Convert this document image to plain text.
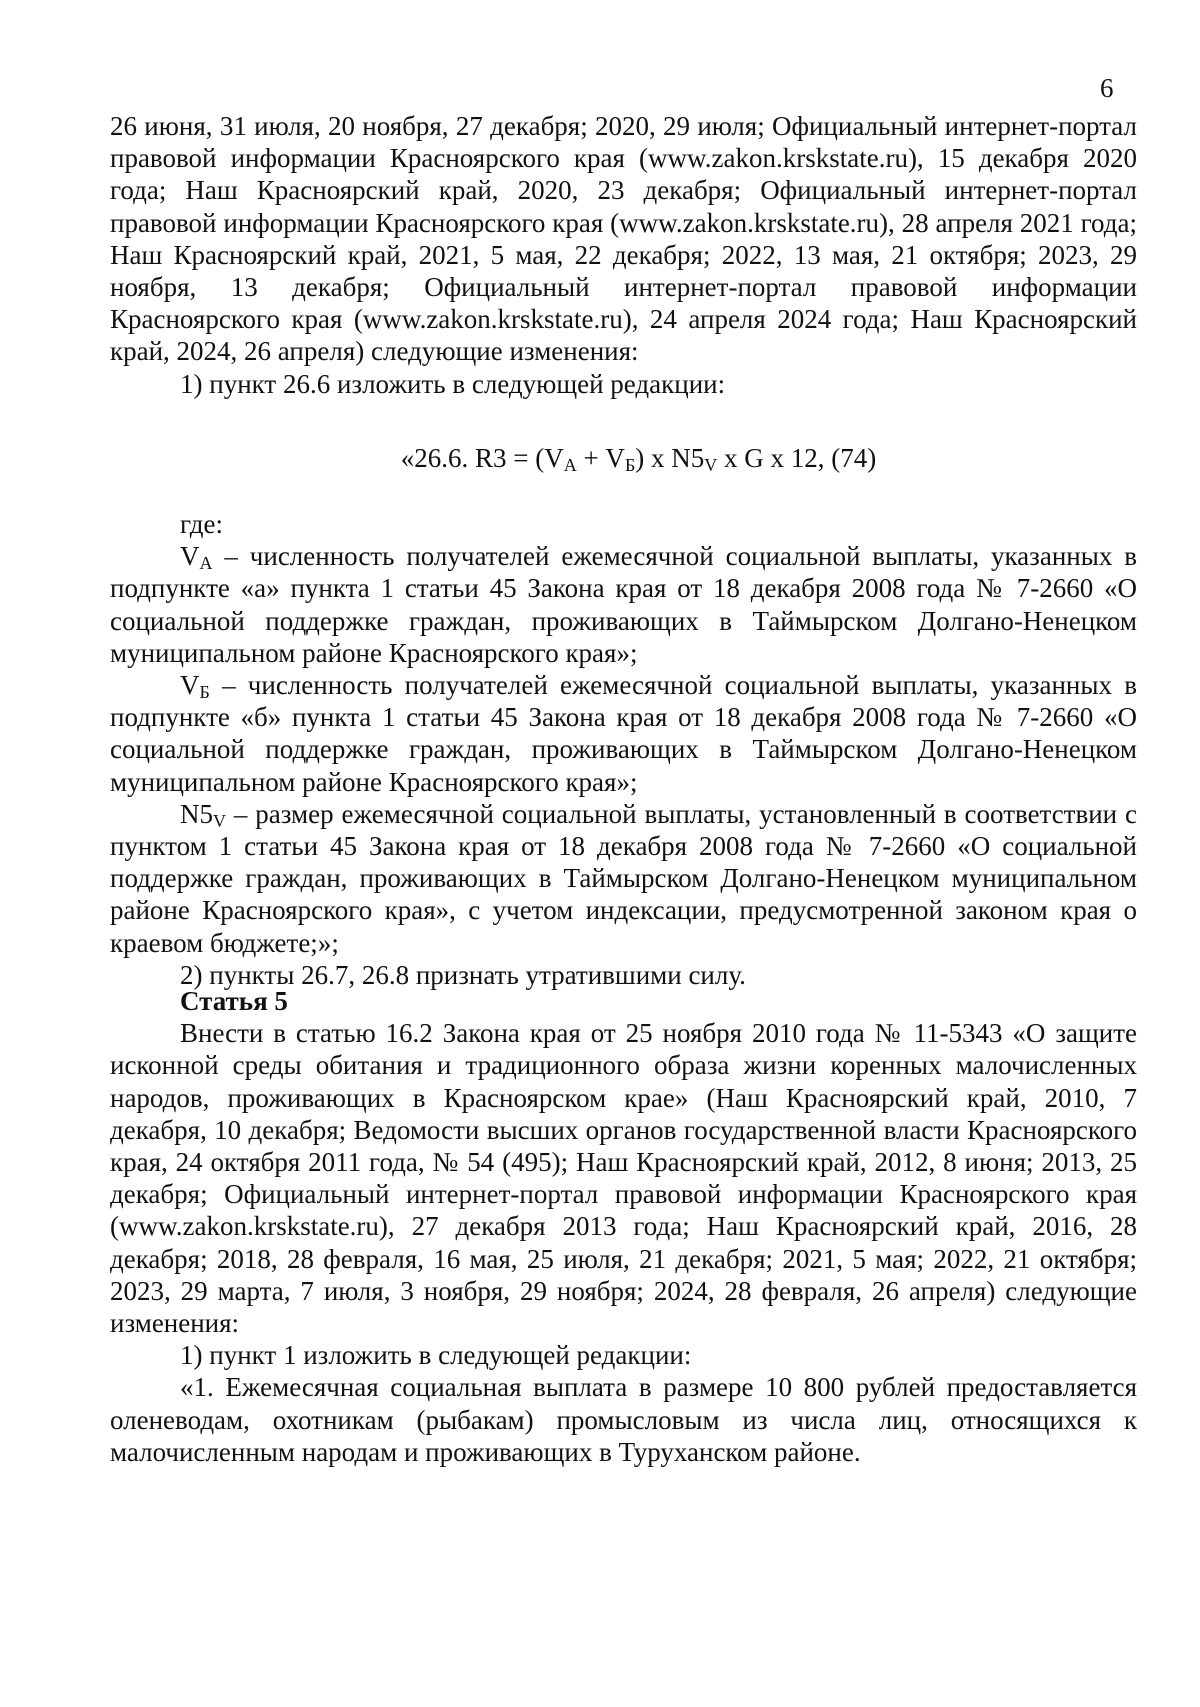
6

26 июня, 31 июля, 20 ноября, 27 декабря; 2020, 29 июля; Официальный интернет-портал правовой информации Красноярского края (www.zakon.krskstate.ru), 15 декабря 2020 года; Наш Красноярский край, 2020, 23 декабря; Официальный интернет-портал правовой информации Красноярского края (www.zakon.krskstate.ru), 28 апреля 2021 года; Наш Красноярский край, 2021, 5 мая, 22 декабря; 2022, 13 мая, 21 октября; 2023, 29 ноября, 13 декабря; Официальный интернет-портал правовой информации Красноярского края (www.zakon.krskstate.ru), 24 апреля 2024 года; Наш Красноярский край, 2024, 26 апреля) следующие изменения:

1) пункт 26.6 изложить в следующей редакции:

«26.6. $R3 = (V_А + V_Б)$ x $N5_V$ x G x 12, (74)

где:

$V_А$ – численность получателей ежемесячной социальной выплаты, указанных в подпункте «а» пункта 1 статьи 45 Закона края от 18 декабря 2008 года № 7-2660 «О социальной поддержке граждан, проживающих в Таймырском Долгано-Ненецком муниципальном районе Красноярского края»;

$V_Б$ – численность получателей ежемесячной социальной выплаты, указанных в подпункте «б» пункта 1 статьи 45 Закона края от 18 декабря 2008 года № 7-2660 «О социальной поддержке граждан, проживающих в Таймырском Долгано-Ненецком муниципальном районе Красноярского края»;

$N5_V$ – размер ежемесячной социальной выплаты, установленный в соответствии с пунктом 1 статьи 45 Закона края от 18 декабря 2008 года № 7-2660 «О социальной поддержке граждан, проживающих в Таймырском Долгано-Ненецком муниципальном районе Красноярского края», с учетом индексации, предусмотренной законом края о краевом бюджете;»;

2) пункты 26.7, 26.8 признать утратившими силу.

Статья 5

Внести в статью 16.2 Закона края от 25 ноября 2010 года № 11-5343 «О защите исконной среды обитания и традиционного образа жизни коренных малочисленных народов, проживающих в Красноярском крае» (Наш Красноярский край, 2010, 7 декабря, 10 декабря; Ведомости высших органов государственной власти Красноярского края, 24 октября 2011 года, № 54 (495); Наш Красноярский край, 2012, 8 июня; 2013, 25 декабря; Официальный интернет-портал правовой информации Красноярского края (www.zakon.krskstate.ru), 27 декабря 2013 года; Наш Красноярский край, 2016, 28 декабря; 2018, 28 февраля, 16 мая, 25 июля, 21 декабря; 2021, 5 мая; 2022, 21 октября; 2023, 29 марта, 7 июля, 3 ноября, 29 ноября; 2024, 28 февраля, 26 апреля) следующие изменения:

1) пункт 1 изложить в следующей редакции:

«1. Ежемесячная социальная выплата в размере 10 800 рублей предоставляется оленеводам, охотникам (рыбакам) промысловым из числа лиц, относящихся к малочисленным народам и проживающих в Туруханском районе.
